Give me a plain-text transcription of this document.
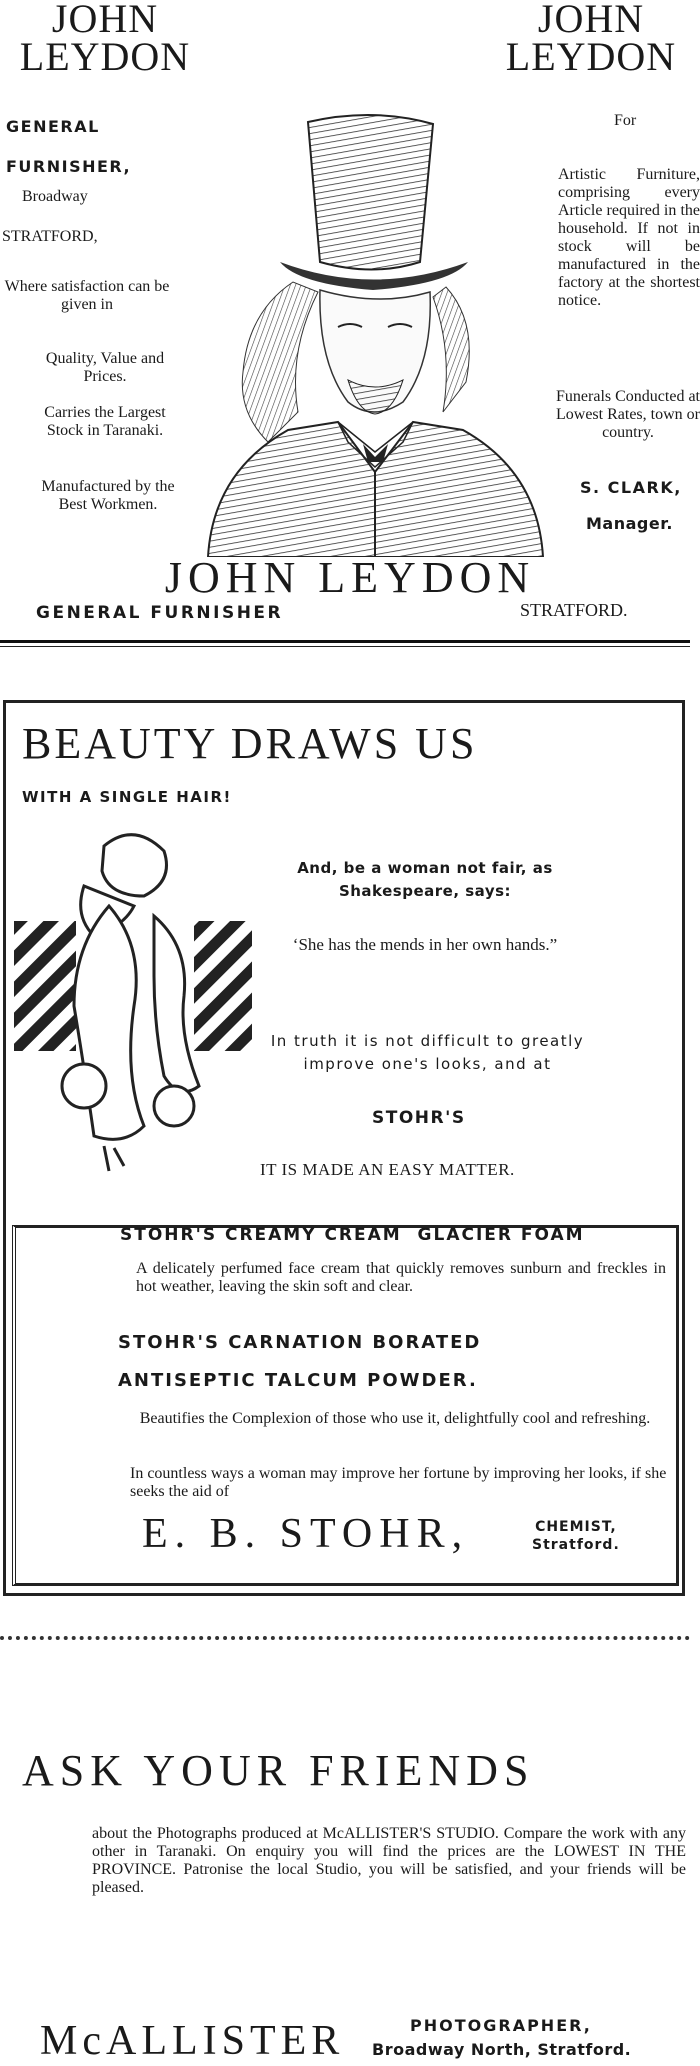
JOHN
LEYDON
JOHN
LEYDON
GENERAL
FURNISHER,
Broadway
STRATFORD,
Where satisfaction can be given in
Quality, Value and Prices.
Carries the Largest Stock in Taranaki.
Manufactured by the Best Workmen.
For
Artistic Furniture, comprising every Article required in the household. If not in stock will be manufactured in the factory at the shortest notice.
Funerals Conducted at Lowest Rates, town or country.
S. CLARK,
Manager.
JOHN LEYDON
GENERAL FURNISHER	STRATFORD.
BEAUTY DRAWS US
WITH A SINGLE HAIR!
And, be a woman not fair, as Shakespeare, says:
‘She has the mends in her own hands.”
In truth it is not difficult to greatly improve one's looks, and at
STOHR'S
IT IS MADE AN EASY MATTER.
STOHR'S CREAMY CREAM  GLACIER FOAM
A delicately perfumed face cream that quickly removes sunburn and freckles in hot weather, leaving the skin soft and clear.
STOHR'S CARNATION BORATED
ANTISEPTIC TALCUM POWDER.
Beautifies the Complexion of those who use it, delightfully cool and refreshing.
In countless ways a woman may improve her fortune by improving her looks, if she seeks the aid of
E. B. STOHR,	CHEMIST,
Stratford.
ASK YOUR FRIENDS
about the Photographs produced at McALLISTER'S STUDIO. Compare the work with any other in Taranaki. On enquiry you will find the prices are the LOWEST IN THE PROVINCE. Patronise the local Studio, you will be satisfied, and your friends will be pleased.
McALLISTER	PHOTOGRAPHER,
Broadway North, Stratford.
